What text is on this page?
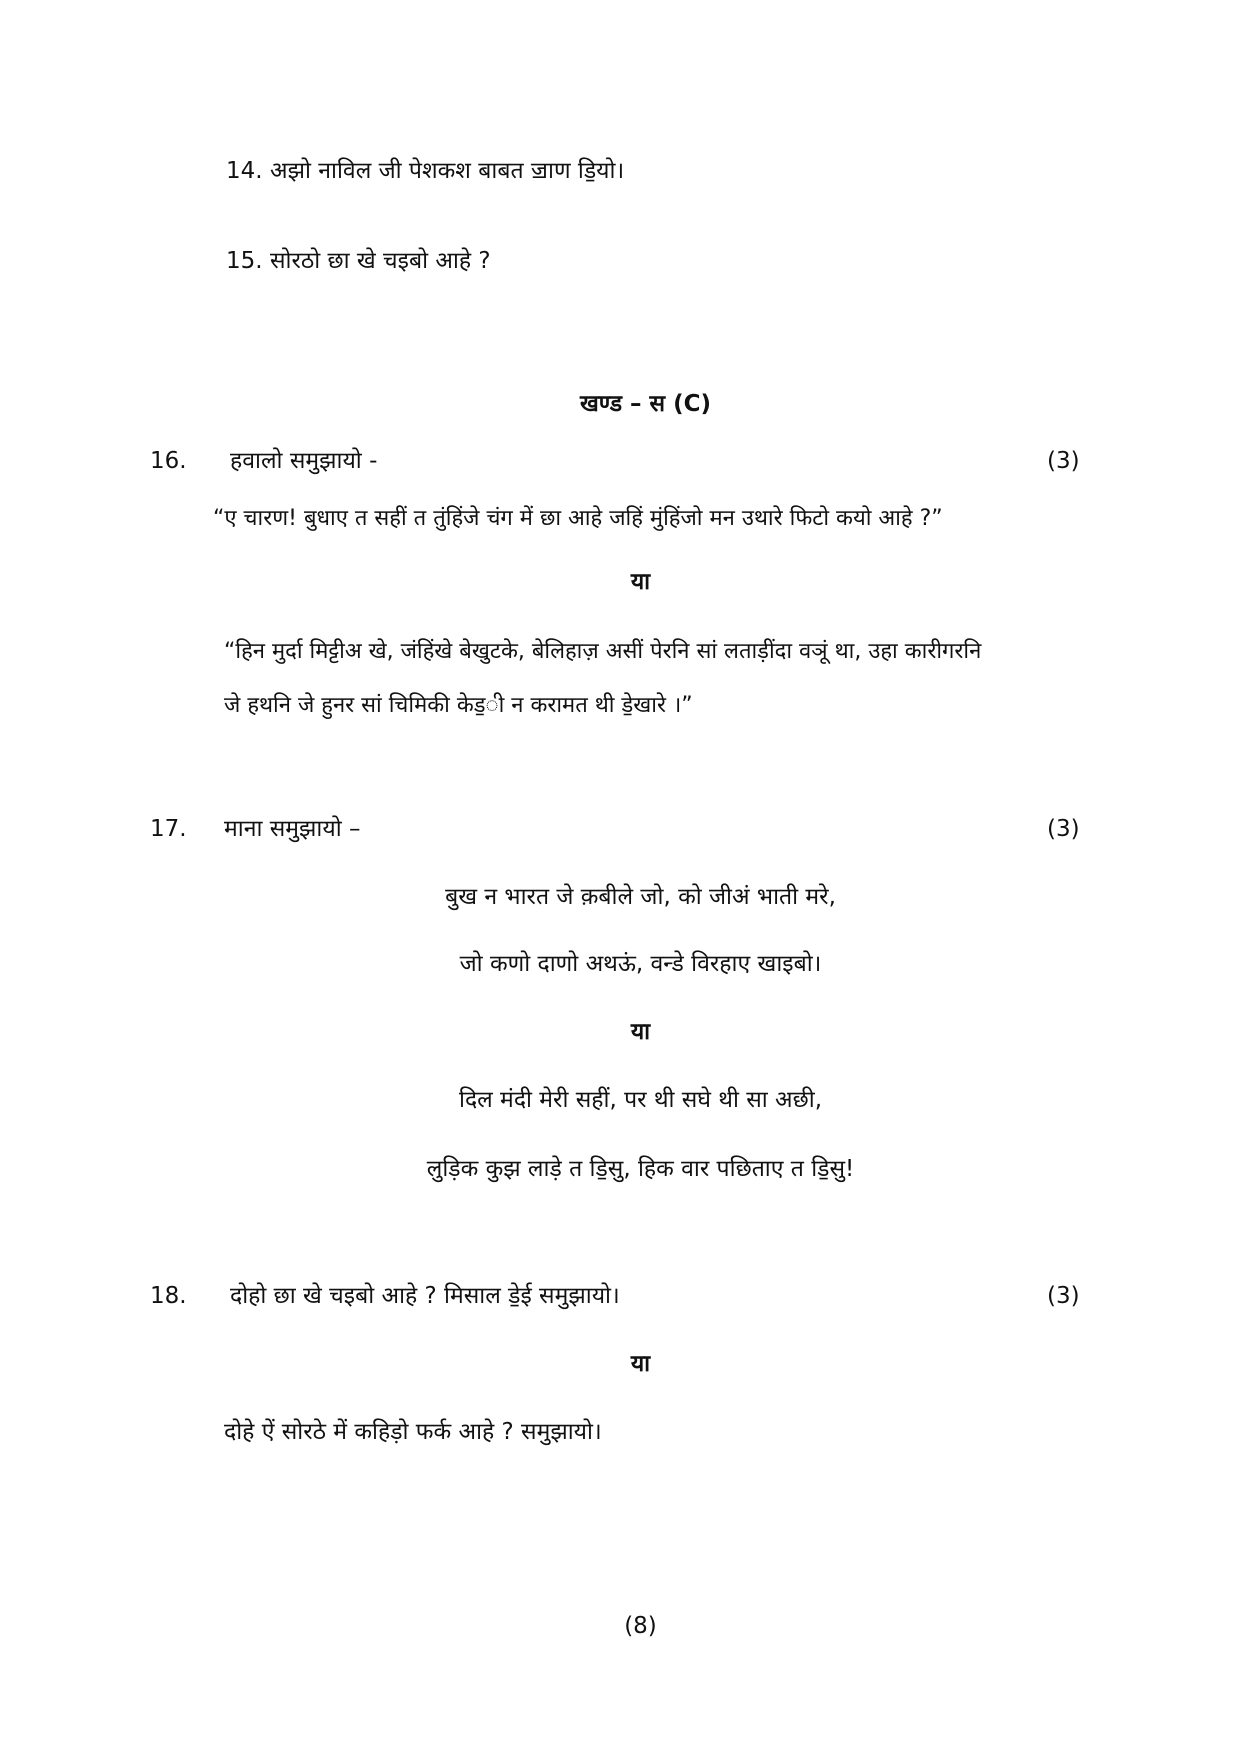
14. अझो नाविल जी पेशकश बाबत ॼाण डि॒यो।
15. सोरठो छा खे चइबो आहे ?
खण्ड – स (C)
16. हवालो समुझायो -	(3)
“ए चारण! बुधाए त सहीं त तुंहिंजे चंग में छा आहे जहिं मुंहिंजो मन उथारे फिटो कयो आहे ?”
या
“हिन मुर्दा मिट्टीअ खे, जंहिंखे बेखुटके, बेलिहाज़ असीं पेरनि सां लताड़ींदा वञूं था, उहा कारीगरनि
जे हथनि जे हुनर सां चिमिकी केड॒ी न करामत थी डे॒खारे ।”
17. माना समुझायो –	(3)
बुख न भारत जे क़बीले जो, को जीअं भाती मरे,
जो कणो दाणो अथऊं, वन्डे विरहाए खाइबो।
या
दिल मंदी मेरी सहीं, पर थी सघे थी सा अछी,
लुड़िक कुझ लाड़े त डि॒सु, हिक वार पछिताए त डि॒सु!
18. दोहो छा खे चइबो आहे ? मिसाल डे॒ई समुझायो।	(3)
या
दोहे ऐं सोरठे में कहिड़ो फर्क आहे ? समुझायो।
(8)
